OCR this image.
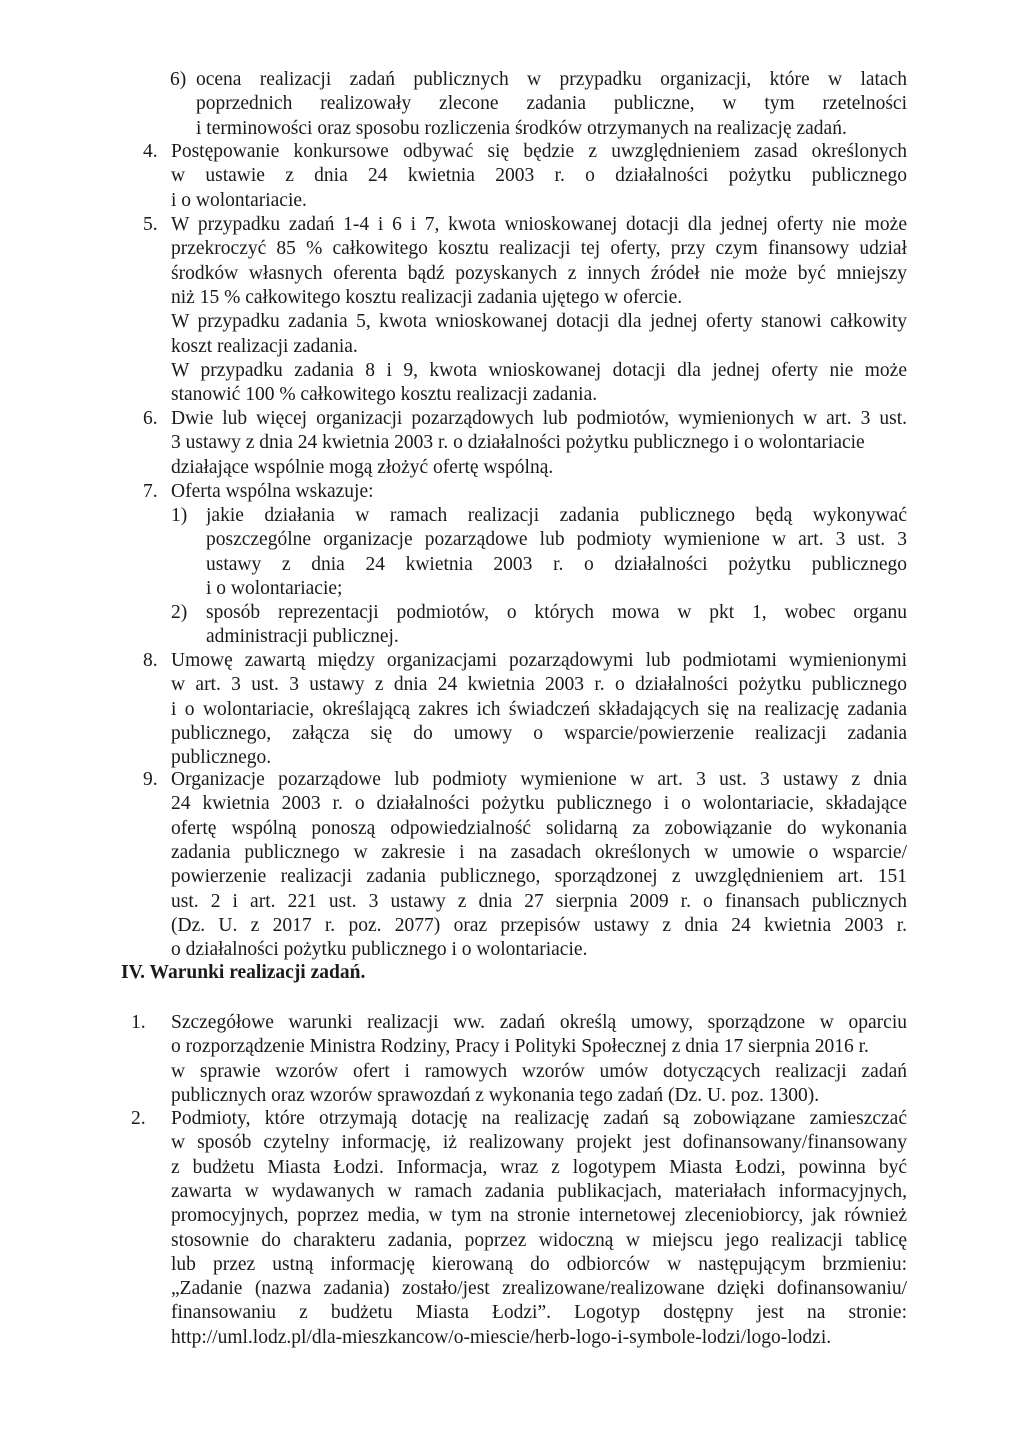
6) ocena realizacji zadań publicznych w przypadku organizacji, które w latach
poprzednich realizowały zlecone zadania publiczne, w tym rzetelności
i terminowości oraz sposobu rozliczenia środków otrzymanych na realizację zadań.
4. Postępowanie konkursowe odbywać się będzie z uwzględnieniem zasad określonych
w ustawie z dnia 24 kwietnia 2003 r. o działalności pożytku publicznego
i o wolontariacie.
5. W przypadku zadań 1-4 i 6 i 7, kwota wnioskowanej dotacji dla jednej oferty nie może
przekroczyć 85 % całkowitego kosztu realizacji tej oferty, przy czym finansowy udział
środków własnych oferenta bądź pozyskanych z innych źródeł nie może być mniejszy
niż 15 % całkowitego kosztu realizacji zadania ujętego w ofercie.
W przypadku zadania 5, kwota wnioskowanej dotacji dla jednej oferty stanowi całkowity
koszt realizacji zadania.
W przypadku zadania 8 i 9, kwota wnioskowanej dotacji dla jednej oferty nie może
stanowić 100 % całkowitego kosztu realizacji zadania.
6. Dwie lub więcej organizacji pozarządowych lub podmiotów, wymienionych w art. 3 ust.
3 ustawy z dnia 24 kwietnia 2003 r. o działalności pożytku publicznego i o wolontariacie
działające wspólnie mogą złożyć ofertę wspólną.
7. Oferta wspólna wskazuje:
1) jakie działania w ramach realizacji zadania publicznego będą wykonywać
poszczególne organizacje pozarządowe lub podmioty wymienione w art. 3 ust. 3
ustawy z dnia 24 kwietnia 2003 r. o działalności pożytku publicznego
i o wolontariacie;
2) sposób reprezentacji podmiotów, o których mowa w pkt 1, wobec organu
administracji publicznej.
8. Umowę zawartą między organizacjami pozarządowymi lub podmiotami wymienionymi
w art. 3 ust. 3 ustawy z dnia 24 kwietnia 2003 r. o działalności pożytku publicznego
i o wolontariacie, określającą zakres ich świadczeń składających się na realizację zadania
publicznego, załącza się do umowy o wsparcie/powierzenie realizacji zadania
publicznego.
9. Organizacje pozarządowe lub podmioty wymienione w art. 3 ust. 3 ustawy z dnia
24 kwietnia 2003 r. o działalności pożytku publicznego i o wolontariacie, składające
ofertę wspólną ponoszą odpowiedzialność solidarną za zobowiązanie do wykonania
zadania publicznego w zakresie i na zasadach określonych w umowie o wsparcie/
powierzenie realizacji zadania publicznego, sporządzonej z uwzględnieniem art. 151
ust. 2 i art. 221 ust. 3 ustawy z dnia 27 sierpnia 2009 r. o finansach publicznych
(Dz. U. z 2017 r. poz. 2077) oraz przepisów ustawy z dnia 24 kwietnia 2003 r.
o działalności pożytku publicznego i o wolontariacie.
1. Szczegółowe warunki realizacji ww. zadań określą umowy, sporządzone w oparciu
o rozporządzenie Ministra Rodziny, Pracy i Polityki Społecznej z dnia 17 sierpnia 2016 r.
w sprawie wzorów ofert i ramowych wzorów umów dotyczących realizacji zadań
publicznych oraz wzorów sprawozdań z wykonania tego zadań (Dz. U. poz. 1300).
2. Podmioty, które otrzymają dotację na realizację zadań są zobowiązane zamieszczać
w sposób czytelny informację, iż realizowany projekt jest dofinansowany/finansowany
z budżetu Miasta Łodzi. Informacja, wraz z logotypem Miasta Łodzi, powinna być
zawarta w wydawanych w ramach zadania publikacjach, materiałach informacyjnych,
promocyjnych, poprzez media, w tym na stronie internetowej zleceniobiorcy, jak również
stosownie do charakteru zadania, poprzez widoczną w miejscu jego realizacji tablicę
lub przez ustną informację kierowaną do odbiorców w następującym brzmieniu:
„Zadanie (nazwa zadania) zostało/jest zrealizowane/realizowane dzięki dofinansowaniu/
finansowaniu z budżetu Miasta Łodzi”. Logotyp dostępny jest na stronie:
http://uml.lodz.pl/dla-mieszkancow/o-miescie/herb-logo-i-symbole-lodzi/logo-lodzi.
IV. Warunki realizacji zadań.
